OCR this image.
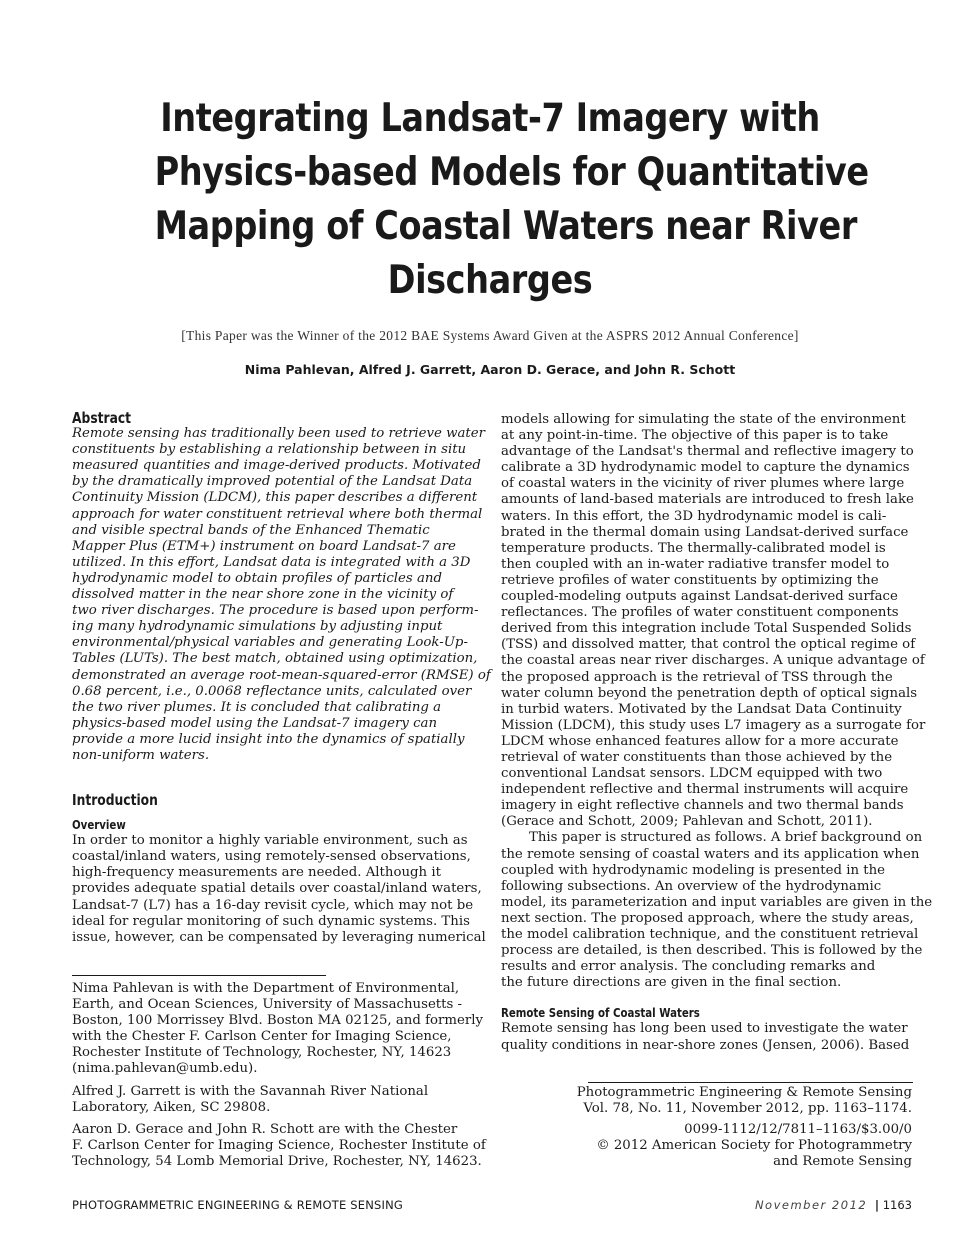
Integrating Landsat-7 Imagery with
Physics-based Models for Quantitative
Mapping of Coastal Waters near River
Discharges
[This Paper was the Winner of the 2012 BAE Systems Award Given at the ASPRS 2012 Annual Conference]
Nima Pahlevan, Alfred J. Garrett, Aaron D. Gerace, and John R. Schott
Abstract
Remote sensing has traditionally been used to retrieve water
constituents by establishing a relationship between in situ
measured quantities and image-derived products. Motivated
by the dramatically improved potential of the Landsat Data
Continuity Mission (LDCM), this paper describes a different
approach for water constituent retrieval where both thermal
and visible spectral bands of the Enhanced Thematic
Mapper Plus (ETM+) instrument on board Landsat-7 are
utilized. In this effort, Landsat data is integrated with a 3D
hydrodynamic model to obtain profiles of particles and
dissolved matter in the near shore zone in the vicinity of
two river discharges. The procedure is based upon perform-
ing many hydrodynamic simulations by adjusting input
environmental/physical variables and generating Look-Up-
Tables (LUTs). The best match, obtained using optimization,
demonstrated an average root-mean-squared-error (RMSE) of
0.68 percent, i.e., 0.0068 reflectance units, calculated over
the two river plumes. It is concluded that calibrating a
physics-based model using the Landsat-7 imagery can
provide a more lucid insight into the dynamics of spatially
non-uniform waters.
Introduction
Overview
In order to monitor a highly variable environment, such as
coastal/inland waters, using remotely-sensed observations,
high-frequency measurements are needed. Although it
provides adequate spatial details over coastal/inland waters,
Landsat-7 (L7) has a 16-day revisit cycle, which may not be
ideal for regular monitoring of such dynamic systems. This
issue, however, can be compensated by leveraging numerical
Nima Pahlevan is with the Department of Environmental,
Earth, and Ocean Sciences, University of Massachusetts -
Boston, 100 Morrissey Blvd. Boston MA 02125, and formerly
with the Chester F. Carlson Center for Imaging Science,
Rochester Institute of Technology, Rochester, NY, 14623
(nima.pahlevan@umb.edu).
Alfred J. Garrett is with the Savannah River National
Laboratory, Aiken, SC 29808.
Aaron D. Gerace and John R. Schott are with the Chester
F. Carlson Center for Imaging Science, Rochester Institute of
Technology, 54 Lomb Memorial Drive, Rochester, NY, 14623.
models allowing for simulating the state of the environment
at any point-in-time. The objective of this paper is to take
advantage of the Landsat's thermal and reflective imagery to
calibrate a 3D hydrodynamic model to capture the dynamics
of coastal waters in the vicinity of river plumes where large
amounts of land-based materials are introduced to fresh lake
waters. In this effort, the 3D hydrodynamic model is cali-
brated in the thermal domain using Landsat-derived surface
temperature products. The thermally-calibrated model is
then coupled with an in-water radiative transfer model to
retrieve profiles of water constituents by optimizing the
coupled-modeling outputs against Landsat-derived surface
reflectances. The profiles of water constituent components
derived from this integration include Total Suspended Solids
(TSS) and dissolved matter, that control the optical regime of
the coastal areas near river discharges. A unique advantage of
the proposed approach is the retrieval of TSS through the
water column beyond the penetration depth of optical signals
in turbid waters. Motivated by the Landsat Data Continuity
Mission (LDCM), this study uses L7 imagery as a surrogate for
LDCM whose enhanced features allow for a more accurate
retrieval of water constituents than those achieved by the
conventional Landsat sensors. LDCM equipped with two
independent reflective and thermal instruments will acquire
imagery in eight reflective channels and two thermal bands
(Gerace and Schott, 2009; Pahlevan and Schott, 2011).
This paper is structured as follows. A brief background on
the remote sensing of coastal waters and its application when
coupled with hydrodynamic modeling is presented in the
following subsections. An overview of the hydrodynamic
model, its parameterization and input variables are given in the
next section. The proposed approach, where the study areas,
the model calibration technique, and the constituent retrieval
process are detailed, is then described. This is followed by the
results and error analysis. The concluding remarks and
the future directions are given in the final section.
Remote Sensing of Coastal Waters
Remote sensing has long been used to investigate the water
quality conditions in near-shore zones (Jensen, 2006). Based
Photogrammetric Engineering & Remote Sensing
Vol. 78, No. 11, November 2012, pp. 1163–1174.
0099-1112/12/7811–1163/$3.00/0
© 2012 American Society for Photogrammetry
and Remote Sensing
PHOTOGRAMMETRIC ENGINEERING & REMOTE SENSING	November 2012 | 1163
